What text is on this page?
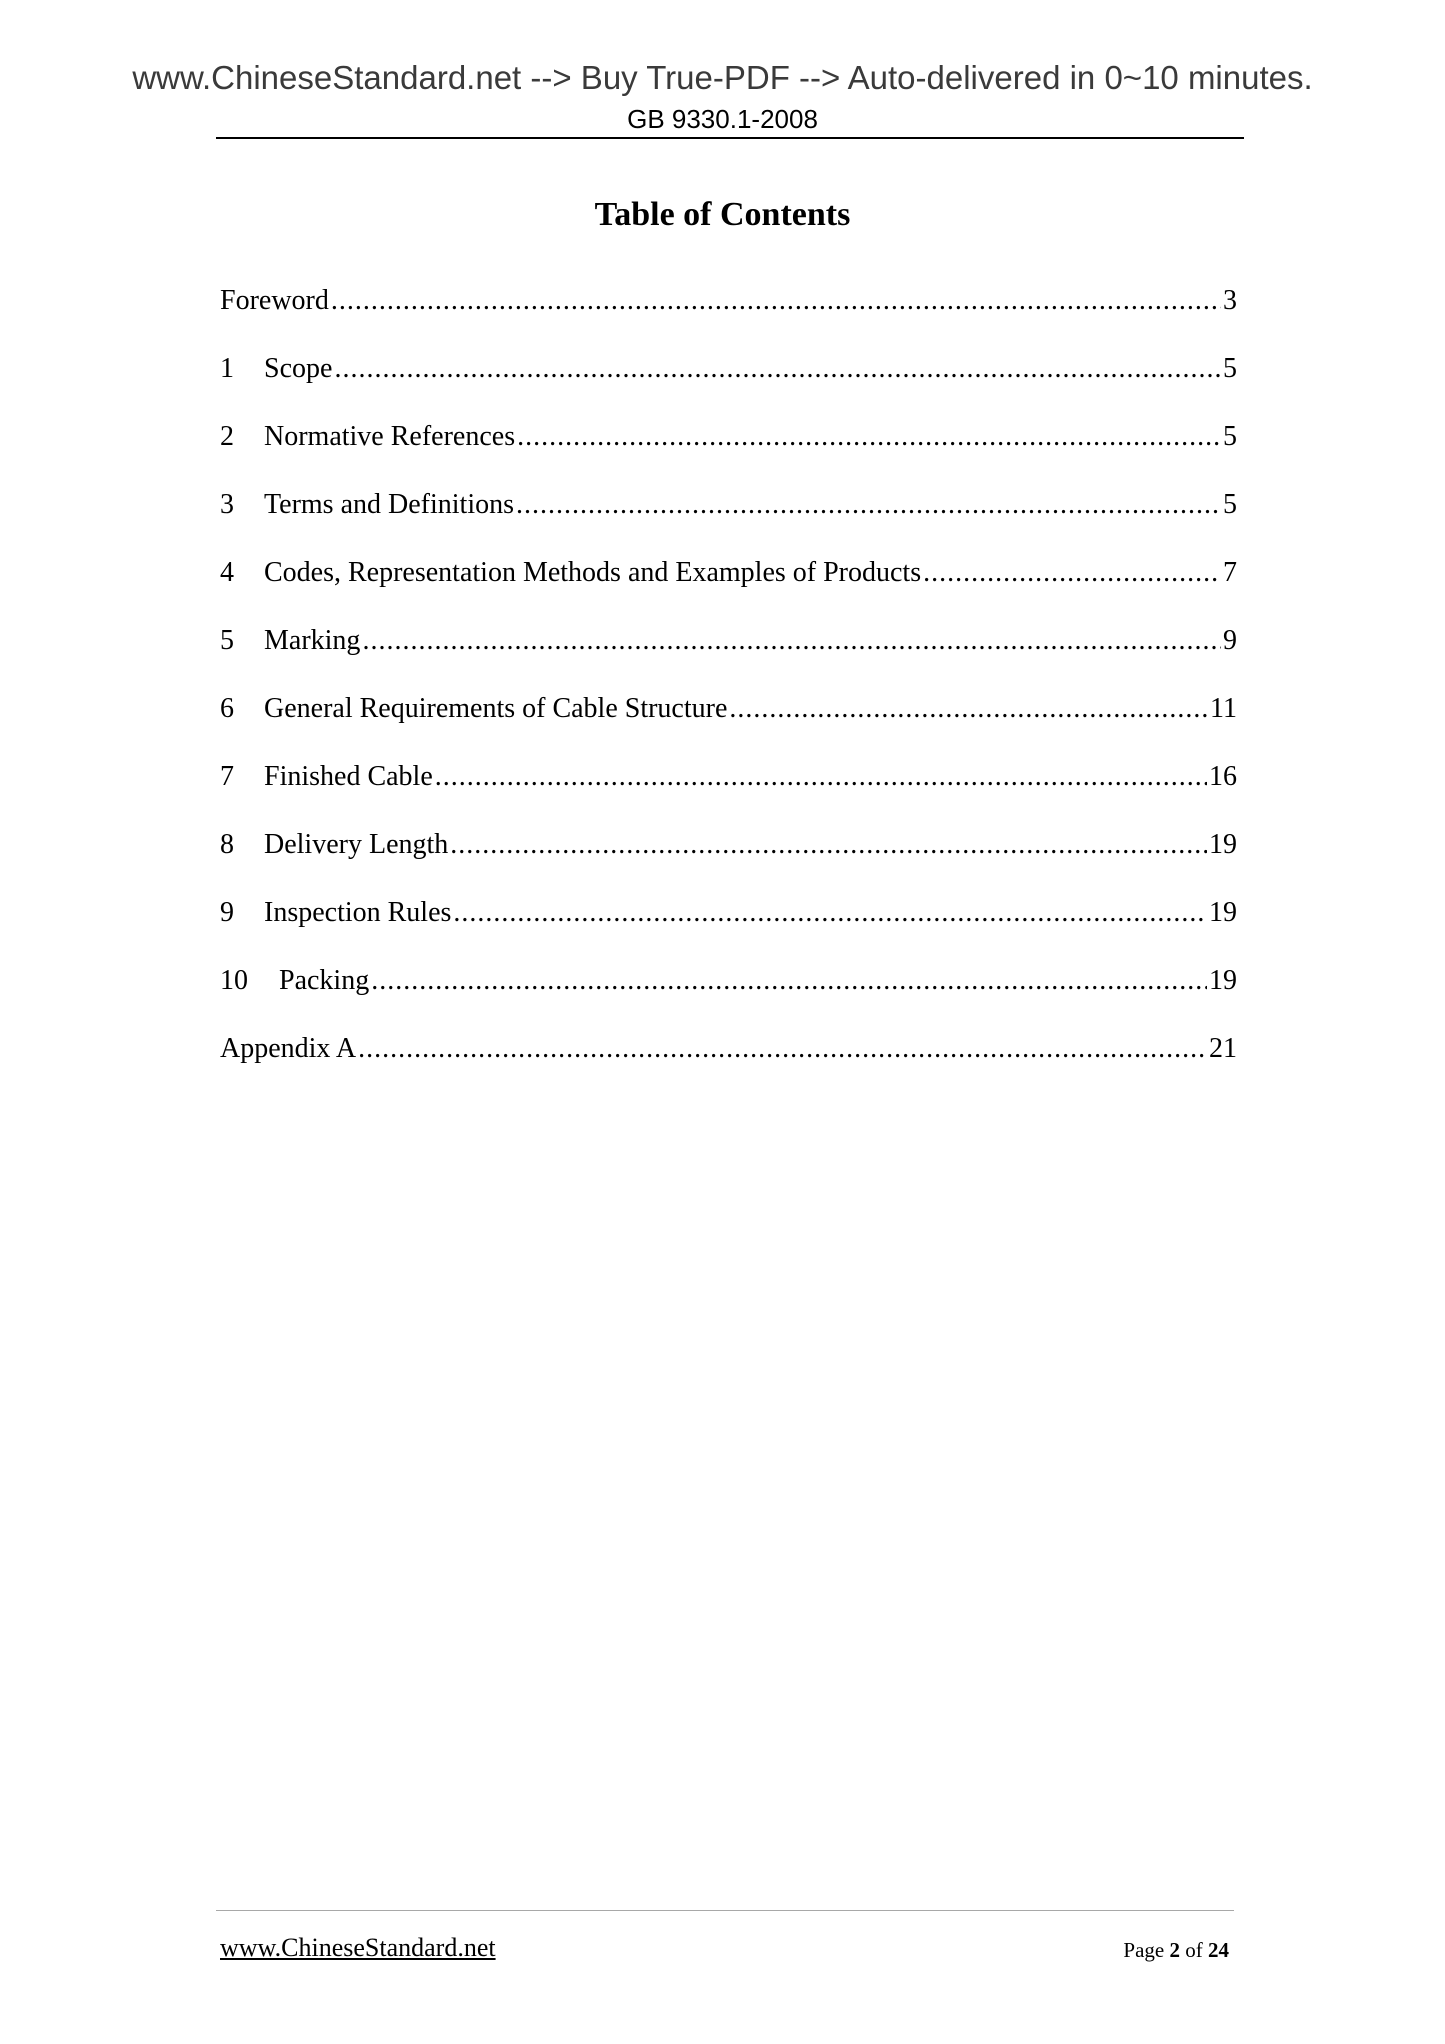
www.ChineseStandard.net --> Buy True-PDF --> Auto-delivered in 0~10 minutes.
GB 9330.1-2008
Table of Contents
Foreword .....	3
1	Scope .....	5
2	Normative References .....	5
3	Terms and Definitions .....	5
4	Codes, Representation Methods and Examples of Products .....	7
5	Marking .....	9
6	General Requirements of Cable Structure .....	11
7	Finished Cable .....	16
8	Delivery Length .....	19
9	Inspection Rules .....	19
10	Packing .....	19
Appendix A .....	21
www.ChineseStandard.net	Page 2 of 24
